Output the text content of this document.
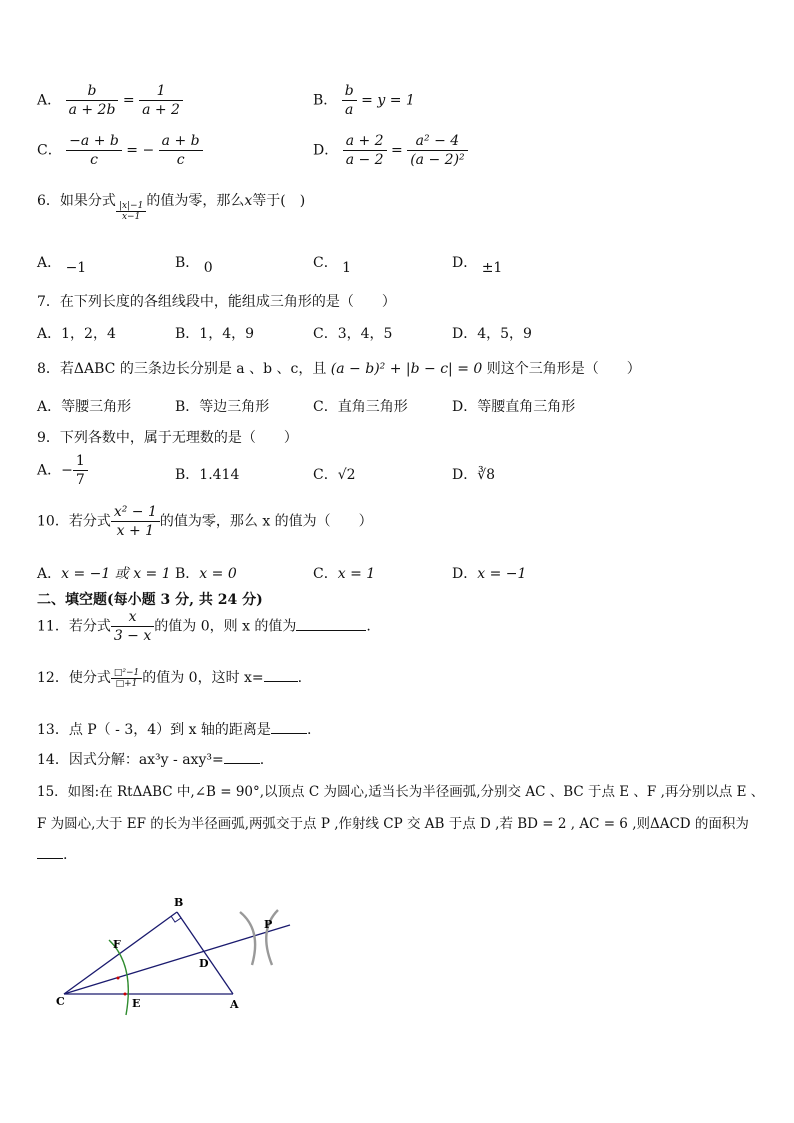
A． $\frac{b}{a + 2b} = \frac{1}{a + 2}$	B． $\frac{b}{a} = y = 1$
C． $\frac{-a + b}{c}$ = − $\frac{a + b}{c}$	D． $\frac{a + 2}{a - 2} = \frac{\text{a² − 4}}{\text{(a − 2)²}}$
6．如果分式 $\frac{|x|-1}{x-1}$ 的值为零，那么x等于(　)
A． −1	B． 0	C． 1	D． ±1
7．在下列长度的各组线段中，能组成三角形的是（　　）
A．1，2，4	B．1，4，9	C．3，4，5	D．4，5，9
8．若ΔABC 的三条边长分别是 a 、b 、c，且 (a − b)² + |b − c| = 0 则这个三角形是（　　）
A．等腰三角形	B．等边三角形	C．直角三角形	D．等腰直角三角形
9．下列各数中，属于无理数的是（　　）
A．− $\frac{1}{7}$	B．1.414	C．√2	D．∛8
10．若分式 $\frac{\text{x² − 1}}{x + 1}$ 的值为零，那么 x 的值为（　　）
A．x = −1 或 x = 1 B．x = 0	C．x = 1	D．x = −1
二、填空题(每小题 3 分, 共 24 分)
11．若分式 $\frac{x}{3 - x}$ 的值为 0，则 x 的值为	.
12．使分式 $\frac{\text{□²−1}}{□+1}$ 的值为 0，这时 x= .
13．点 P（ - 3，4）到 x 轴的距离是	.
14．因式分解：ax³y - axy³=	.
15．如图:在 RtΔABC 中,∠B = 90°,以顶点 C 为圆心,适当长为半径画弧,分别交 AC 、BC 于点 E 、F ,再分别以点 E 、
F 为圆心,大于 EF 的长为半径画弧,两弧交于点 P ,作射线 CP 交 AB 于点 D ,若 BD = 2 , AC = 6 ,则ΔACD 的面积为
.
B
F
D
P
C	E	A
